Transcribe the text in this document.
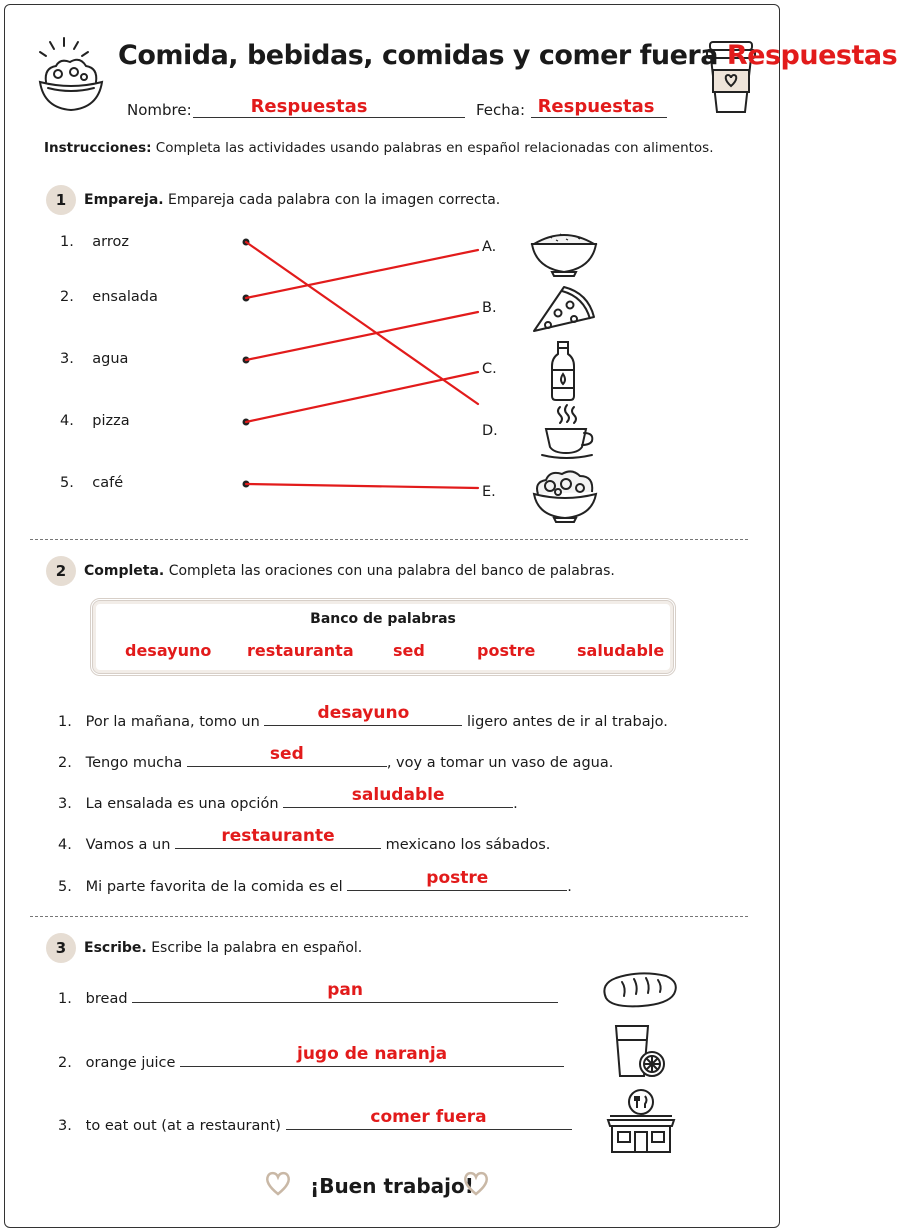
Comida, bebidas, comidas y comer fuera Respuestas
Nombre:	Respuestas	Fecha: Respuestas
Instrucciones: Completa las actividades usando palabras en español relacionadas con alimentos.
1	Empareja. Empareja cada palabra con la imagen correcta.
1. arroz
2. ensalada
3. agua
4. pizza
5. café
A.
B.
C.
D.
E.
2	Completa. Completa las oraciones con una palabra del banco de palabras.
Banco de palabras
desayuno restauranta sed	postre	saludable
1. Por la mañana, tomo un	desayuno	ligero antes de ir al trabajo.
2. Tengo mucha	sed	, voy a tomar un vaso de agua.
3. La ensalada es una opción	saludable	.
4. Vamos a un	restaurante	mexicano los sábados.
5. Mi parte favorita de la comida es el	postre	.
3	Escribe. Escribe la palabra en español.
1. bread	pan
2. orange juice	jugo de naranja
3. to eat out (at a restaurant)	comer fuera
¡Buen trabajo!
